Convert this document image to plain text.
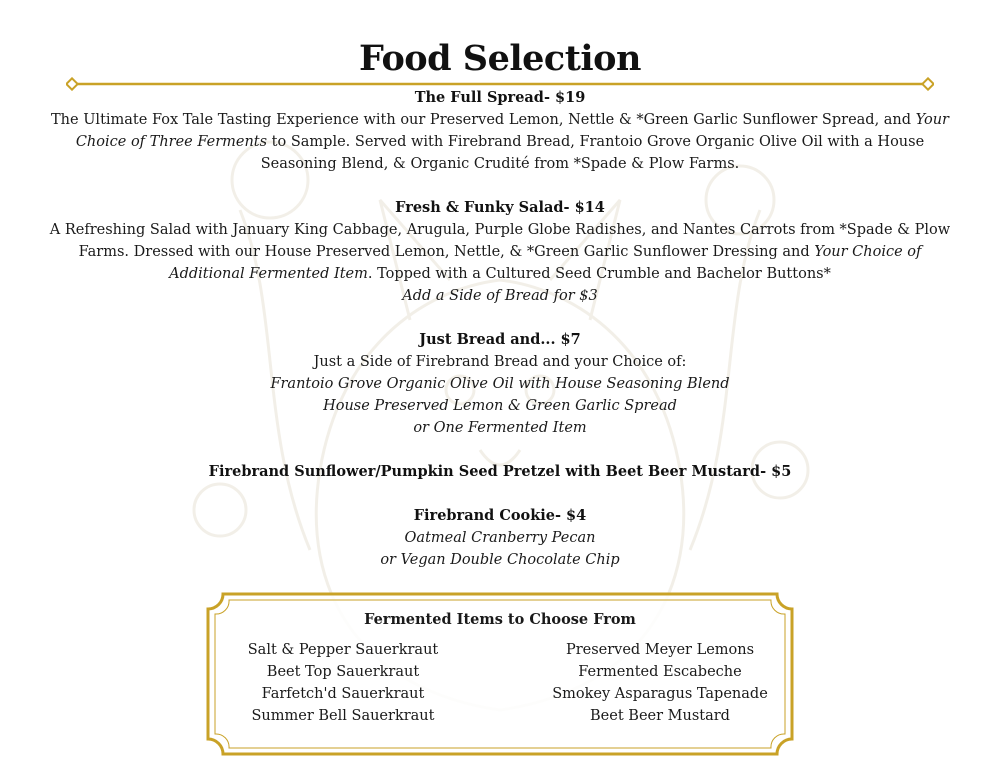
Food Selection
The Full Spread- $19
The Ultimate Fox Tale Tasting Experience with our Preserved Lemon, Nettle & *Green Garlic Sunflower Spread, and Your Choice of Three Ferments to Sample. Served with Firebrand Bread, Frantoio Grove Organic Olive Oil with a House Seasoning Blend, & Organic Crudité from *Spade & Plow Farms.
Fresh & Funky Salad- $14
A Refreshing Salad with January King Cabbage, Arugula, Purple Globe Radishes, and Nantes Carrots from *Spade & Plow Farms. Dressed with our House Preserved Lemon, Nettle, & *Green Garlic Sunflower Dressing and Your Choice of Additional Fermented Item. Topped with a Cultured Seed Crumble and Bachelor Buttons*
Add a Side of Bread for $3
Just Bread and... $7
Just a Side of Firebrand Bread and your Choice of:
Frantoio Grove Organic Olive Oil with House Seasoning Blend
House Preserved Lemon & Green Garlic Spread
or One Fermented Item
Firebrand Sunflower/Pumpkin Seed Pretzel with Beet Beer Mustard- $5
Firebrand Cookie- $4
Oatmeal Cranberry Pecan
or Vegan Double Chocolate Chip
Fermented Items to Choose From
Salt & Pepper Sauerkraut
Beet Top Sauerkraut
Farfetch'd Sauerkraut
Summer Bell Sauerkraut
Preserved Meyer Lemons
Fermented Escabeche
Smokey Asparagus Tapenade
Beet Beer Mustard
